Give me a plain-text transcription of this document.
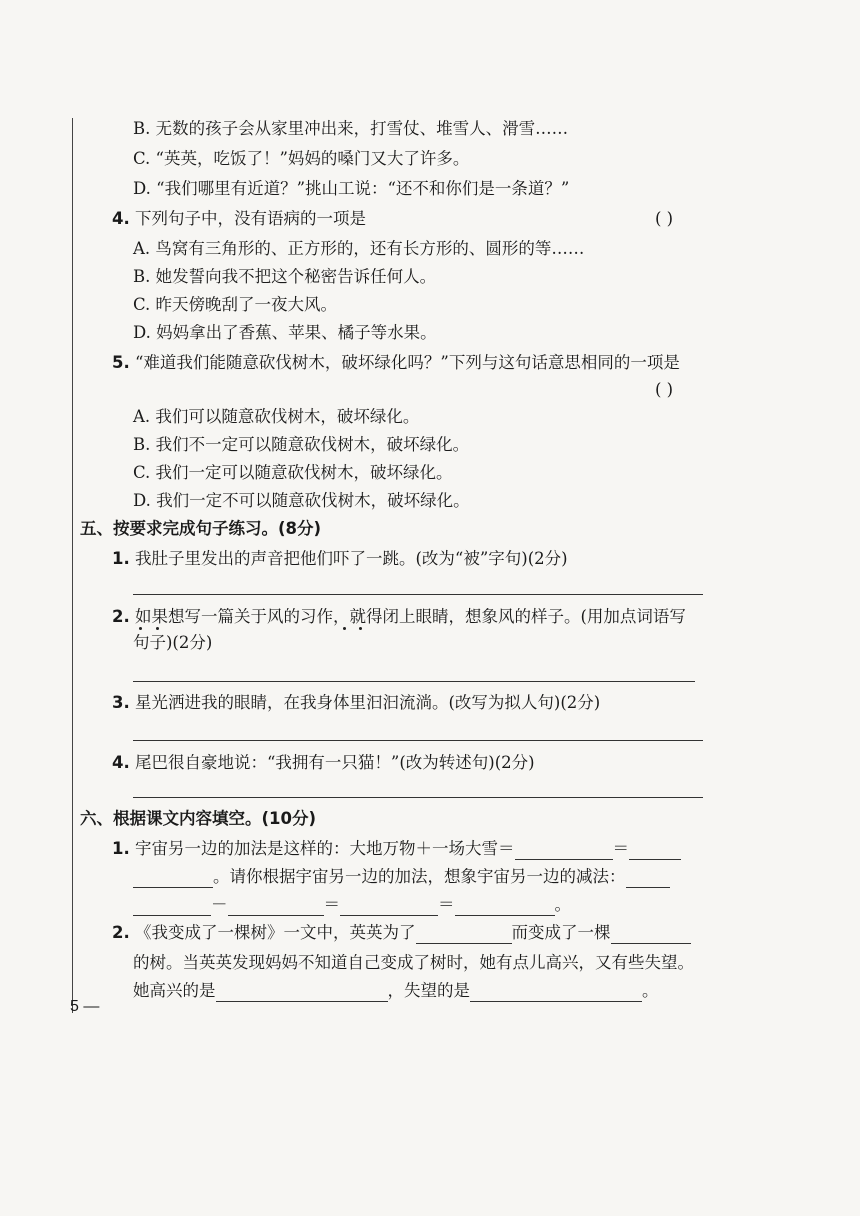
B. 无数的孩子会从家里冲出来，打雪仗、堆雪人、滑雪……
C. “英英，吃饭了！”妈妈的嗓门又大了许多。
D. “我们哪里有近道？”挑山工说：“还不和你们是一条道？”
4. 下列句子中，没有语病的一项是	( )
A. 鸟窝有三角形的、正方形的，还有长方形的、圆形的等……
B. 她发誓向我不把这个秘密告诉任何人。
C. 昨天傍晚刮了一夜大风。
D. 妈妈拿出了香蕉、苹果、橘子等水果。
5. “难道我们能随意砍伐树木，破坏绿化吗？”下列与这句话意思相同的一项是
( )
A. 我们可以随意砍伐树木，破坏绿化。
B. 我们不一定可以随意砍伐树木，破坏绿化。
C. 我们一定可以随意砍伐树木，破坏绿化。
D. 我们一定不可以随意砍伐树木，破坏绿化。
五、按要求完成句子练习。(8分)
1. 我肚子里发出的声音把他们吓了一跳。(改为“被”字句)(2分)
2. 如果想写一篇关于风的习作，就得闭上眼睛，想象风的样子。(用加点词语写
句子)(2分)
3. 星光洒进我的眼睛，在我身体里汩汩流淌。(改写为拟人句)(2分)
4. 尾巴很自豪地说：“我拥有一只猫！”(改为转述句)(2分)
六、根据课文内容填空。(10分)
1. 宇宙另一边的加法是这样的：大地万物＋一场大雪＝	＝
。请你根据宇宙另一边的加法，想象宇宙另一边的减法：
－	＝	＝	。
2. 《我变成了一棵树》一文中，英英为了	而变成了一棵
的树。当英英发现妈妈不知道自己变成了树时，她有点儿高兴，又有些失望。
她高兴的是	，失望的是	。
5 —
